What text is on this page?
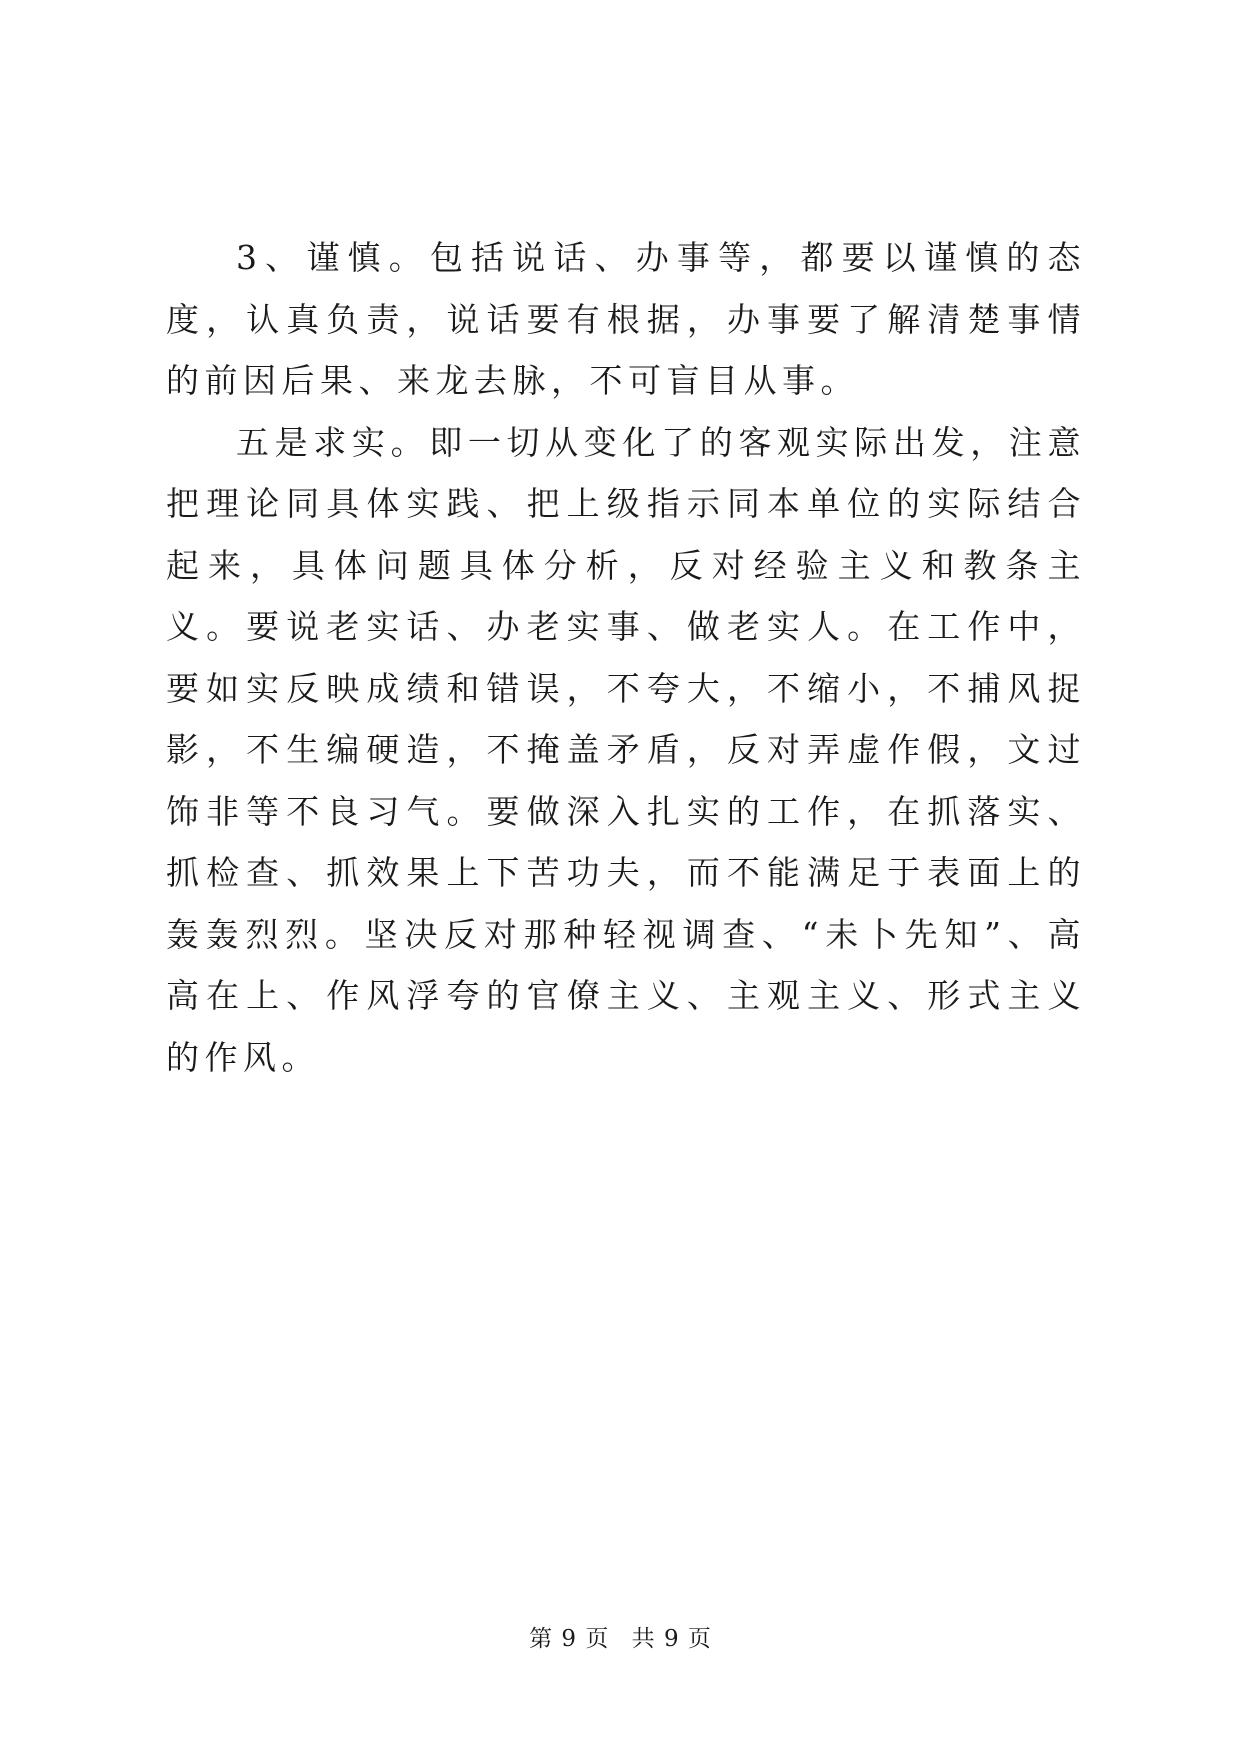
3、谨慎。包括说话、办事等，都要以谨慎的态度，认真负责，说话要有根据，办事要了解清楚事情的前因后果、来龙去脉，不可盲目从事。

五是求实。即一切从变化了的客观实际出发，注意把理论同具体实践、把上级指示同本单位的实际结合起来，具体问题具体分析，反对经验主义和教条主义。要说老实话、办老实事、做老实人。在工作中，要如实反映成绩和错误，不夸大，不缩小，不捕风捉影，不生编硬造，不掩盖矛盾，反对弄虚作假，文过饰非等不良习气。要做深入扎实的工作，在抓落实、抓检查、抓效果上下苦功夫，而不能满足于表面上的轰轰烈烈。坚决反对那种轻视调查、“未卜先知”、高高在上、作风浮夸的官僚主义、主观主义、形式主义的作风。

第 9 页 共 9 页
